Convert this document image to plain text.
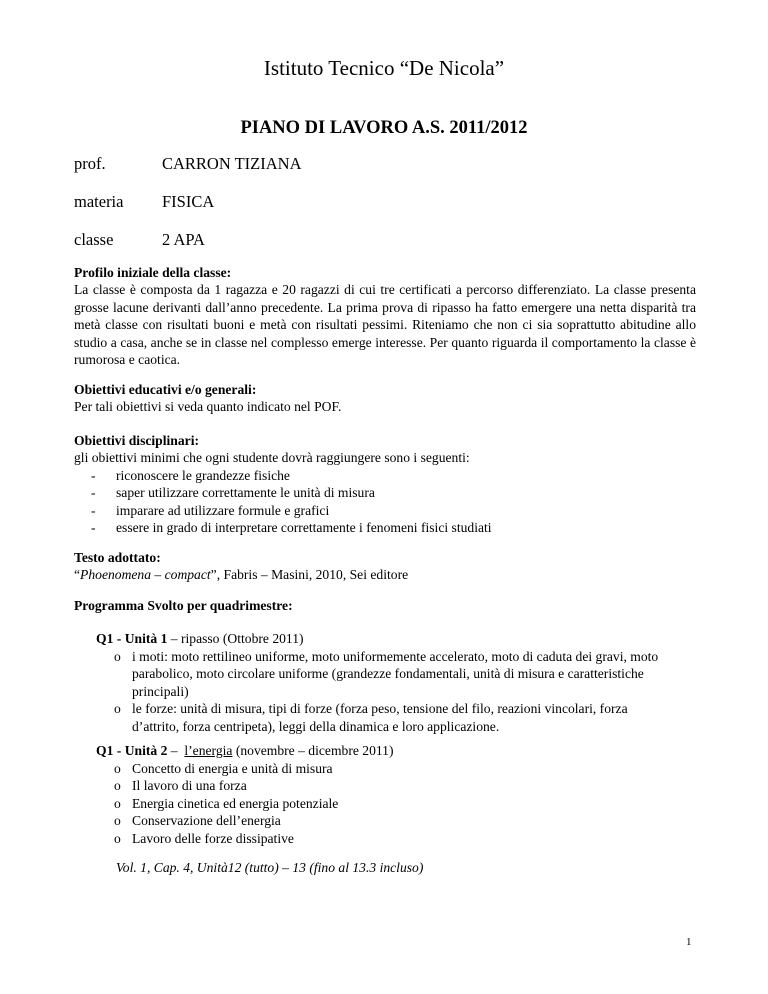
Istituto Tecnico “De Nicola”
PIANO DI LAVORO A.S. 2011/2012
prof.	CARRON TIZIANA
materia FISICA
classe	2 APA
Profilo iniziale della classe:
La classe è composta da 1 ragazza e 20 ragazzi di cui tre certificati a percorso differenziato. La classe presenta grosse lacune derivanti dall’anno precedente. La prima prova di ripasso ha fatto emergere una netta disparità tra metà classe con risultati buoni e metà con risultati pessimi. Riteniamo che non ci sia soprattutto abitudine allo studio a casa, anche se in classe nel complesso emerge interesse. Per quanto riguarda il comportamento la classe è rumorosa e caotica.
Obiettivi educativi e/o generali:
Per tali obiettivi si veda quanto indicato nel POF.
Obiettivi disciplinari:
gli obiettivi minimi che ogni studente dovrà raggiungere sono i seguenti:
- riconoscere le grandezze fisiche
- saper utilizzare correttamente le unità di misura
- imparare ad utilizzare formule e grafici
- essere in grado di interpretare correttamente i fenomeni fisici studiati
Testo adottato:
“Phoenomena – compact”, Fabris – Masini, 2010, Sei editore
Programma Svolto per quadrimestre:
Q1 - Unità 1 – ripasso (Ottobre 2011)
o i moti: moto rettilineo uniforme, moto uniformemente accelerato, moto di caduta dei gravi, moto parabolico, moto circolare uniforme (grandezze fondamentali, unità di misura e caratteristiche principali)
o le forze: unità di misura, tipi di forze (forza peso, tensione del filo, reazioni vincolari, forza d’attrito, forza centripeta), leggi della dinamica e loro applicazione.
Q1 - Unità 2 –  l’energia (novembre – dicembre 2011)
o Concetto di energia e unità di misura
o Il lavoro di una forza
o Energia cinetica ed energia potenziale
o Conservazione dell’energia
o Lavoro delle forze dissipative
Vol. 1, Cap. 4, Unità12 (tutto) – 13 (fino al 13.3 incluso)
1
